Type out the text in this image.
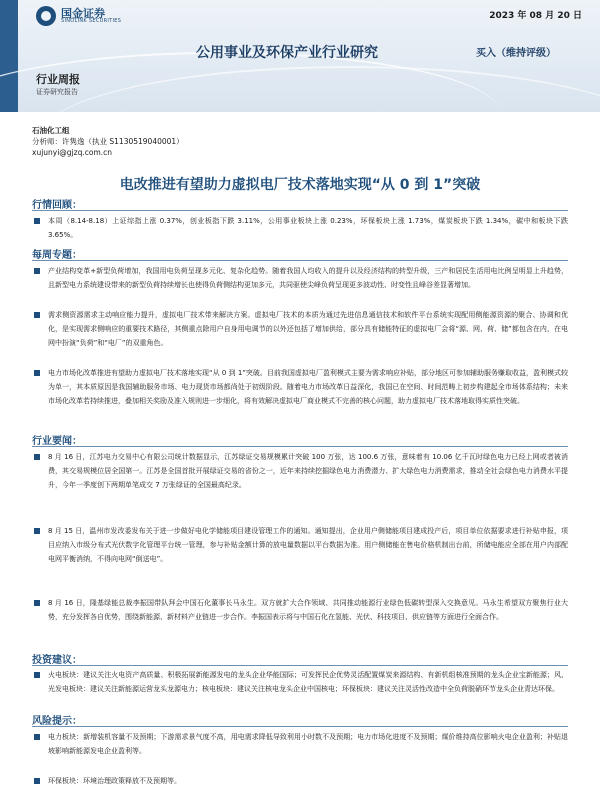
国金证券
SINOLINK SECURITIES	2023 年 08 月 20 日
公用事业及环保产业行业研究	买入（维持评级）
行业周报
证券研究报告
石油化工组
分析师：许隽逸（执业 S1130519040001）
xujunyi@gjzq.com.cn
电改推进有望助力虚拟电厂技术落地实现“从 0 到 1”突破
行情回顾：
本周（8.14-8.18）上证综指上涨 0.37%，创业板指下跌 3.11%，公用事业板块上涨 0.23%，环保板块上涨 1.73%，煤炭板块下跌 1.34%，碳中和板块下跌 3.65%。
每周专题：
产业结构变革+新型负荷增加，我国用电负荷呈现多元化、复杂化趋势。随着我国人均收入的提升以及经济结构的转型升级，三产和居民生活用电比例呈明显上升趋势，且新型电力系统建设带来的新型负荷持续增长也使得负荷侧结构更加多元，共同驱使尖峰负荷呈现更多波动性、时变性且峰谷差显著增加。
需求侧资源需求主动响应能力提升，虚拟电厂技术带来解决方案。虚拟电厂技术的本质为通过先进信息通信技术和软件平台系统实现配用侧能源资源的聚合、协调和优化，是实现需求侧响应的重要技术路径，其侧重点除用户自身用电调节的以外还包括了增加供给，部分具有储能特征的虚拟电厂会将“源、网、荷、储”都包含在内，在电网中扮演“负荷”和“电厂”的双重角色。
电力市场化改革推进有望助力虚拟电厂技术落地实现“从 0 到 1”突破。目前我国虚拟电厂盈利模式主要为需求响应补贴，部分地区可参加辅助服务赚取收益，盈利模式较为单一，其本质原因是我国辅助服务市场、电力现货市场都尚处于初级阶段。随着电力市场改革日益深化，我国已在空间、时间范畴上初步构建起全市场体系结构；未来市场化改革若持续推进，叠加相关奖励及准入规则进一步细化，将有效解决虚拟电厂商业模式不完善的核心问题，助力虚拟电厂技术落地取得实质性突破。
行业要闻：
8 月 16 日，江苏电力交易中心有限公司统计数据显示，江苏绿证交易规模累计突破 100 万张，达 100.6 万张，意味着有 10.06 亿千瓦时绿色电力已经上网或者被消费，其交易规模位居全国第一。江苏是全国首批开展绿证交易的省份之一，近年来持续挖掘绿色电力消费潜力、扩大绿色电力消费需求，推动全社会绿色电力消费水平提升，今年一季度创下两期单笔成交 7 万张绿证的全国最高纪录。
8 月 15 日，温州市发改委发布关于进一步做好电化学储能项目建设管理工作的通知。通知提出，企业用户侧储能项目建成投产后，项目单位依据要求进行补贴申报，项目应纳入市级分布式光伏数字化管理平台统一管理，参与补贴金额计算的放电量数据以平台数据为准。用户侧储能在售电价格机制出台前，所储电能应全部在用户内部配电网平衡消纳，不得向电网“倒送电”。
8 月 16 日，隆基绿能总裁李振国带队拜会中国石化董事长马永生。双方就扩大合作领域、共同推动能源行业绿色低碳转型深入交换意见。马永生希望双方聚焦行业大势，充分发挥各自优势，围绕新能源、新材料产业链进一步合作。李振国表示将与中国石化在氢能、光伏、科技项目、供应链等方面进行全面合作。
投资建议：
火电板块：建议关注火电资产高质量、积极拓展新能源发电的龙头企业华能国际；可发挥民企优势灵活配置煤炭来源结构、有新机组核准预期的龙头企业宝新能源；风、光发电板块：建议关注新能源运营龙头龙源电力；核电板块：建议关注核电龙头企业中国核电；环保板块：建议关注灵活性改造中全负荷脱硝环节龙头企业青达环保。
风险提示：
电力板块：新增装机容量不及预期；下游需求景气度不高，用电需求降低导致利用小时数不及预期；电力市场化进度不及预期；煤价维持高位影响火电企业盈利；补贴退坡影响新能源发电企业盈利等。
环保板块：环境治理政策释放不及预期等。
